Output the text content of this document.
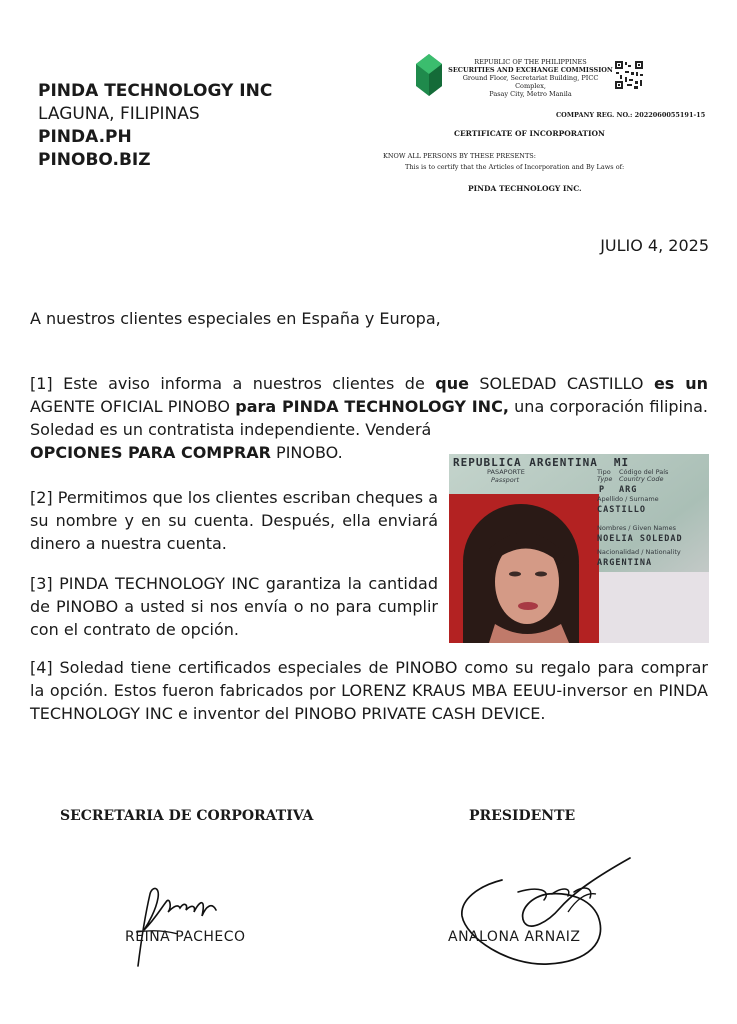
PINDA TECHNOLOGY INC
LAGUNA, FILIPINAS
PINDA.PH
PINOBO.BIZ
REPUBLIC OF THE PHILIPPINES
SECURITIES AND EXCHANGE COMMISSION
Ground Floor, Secretariat Building, PICC Complex,
Pasay City, Metro Manila
COMPANY REG. NO.: 2022060055191-15
CERTIFICATE OF INCORPORATION
KNOW ALL PERSONS BY THESE PRESENTS:
This is to certify that the Articles of Incorporation and By Laws of:
PINDA TECHNOLOGY INC.
JULIO 4, 2025
A nuestros clientes especiales en España y Europa,
[1] Este aviso informa a nuestros clientes de que SOLEDAD CASTILLO es un AGENTE OFICIAL PINOBO para PINDA TECHNOLOGY INC, una corporación filipina. Soledad es un contratista independiente. Venderá
OPCIONES PARA COMPRAR PINOBO.
[2] Permitimos que los clientes escriban cheques a su nombre y en su cuenta. Después, ella enviará dinero a nuestra cuenta.
[3] PINDA TECHNOLOGY INC garantiza la cantidad de PINOBO a usted si nos envía o no para cumplir con el contrato de opción.
[4] Soledad tiene certificados especiales de PINOBO como su regalo para comprar la opción. Estos fueron fabricados por LORENZ KRAUS MBA EEUU-inversor en PINDA TECHNOLOGY INC e inventor del PINOBO PRIVATE CASH DEVICE.
REPUBLICA ARGENTINA MI
PASAPORTE
Passport
Tipo
Type
Código del País
Country Code
P ARG
Apellido / Surname
CASTILLO
Nombres / Given Names
NOELIA SOLEDAD
Nacionalidad / Nationality
ARGENTINA
SECRETARIA DE CORPORATIVA	PRESIDENTE
REINA PACHECO	ANALONA ARNAIZ
